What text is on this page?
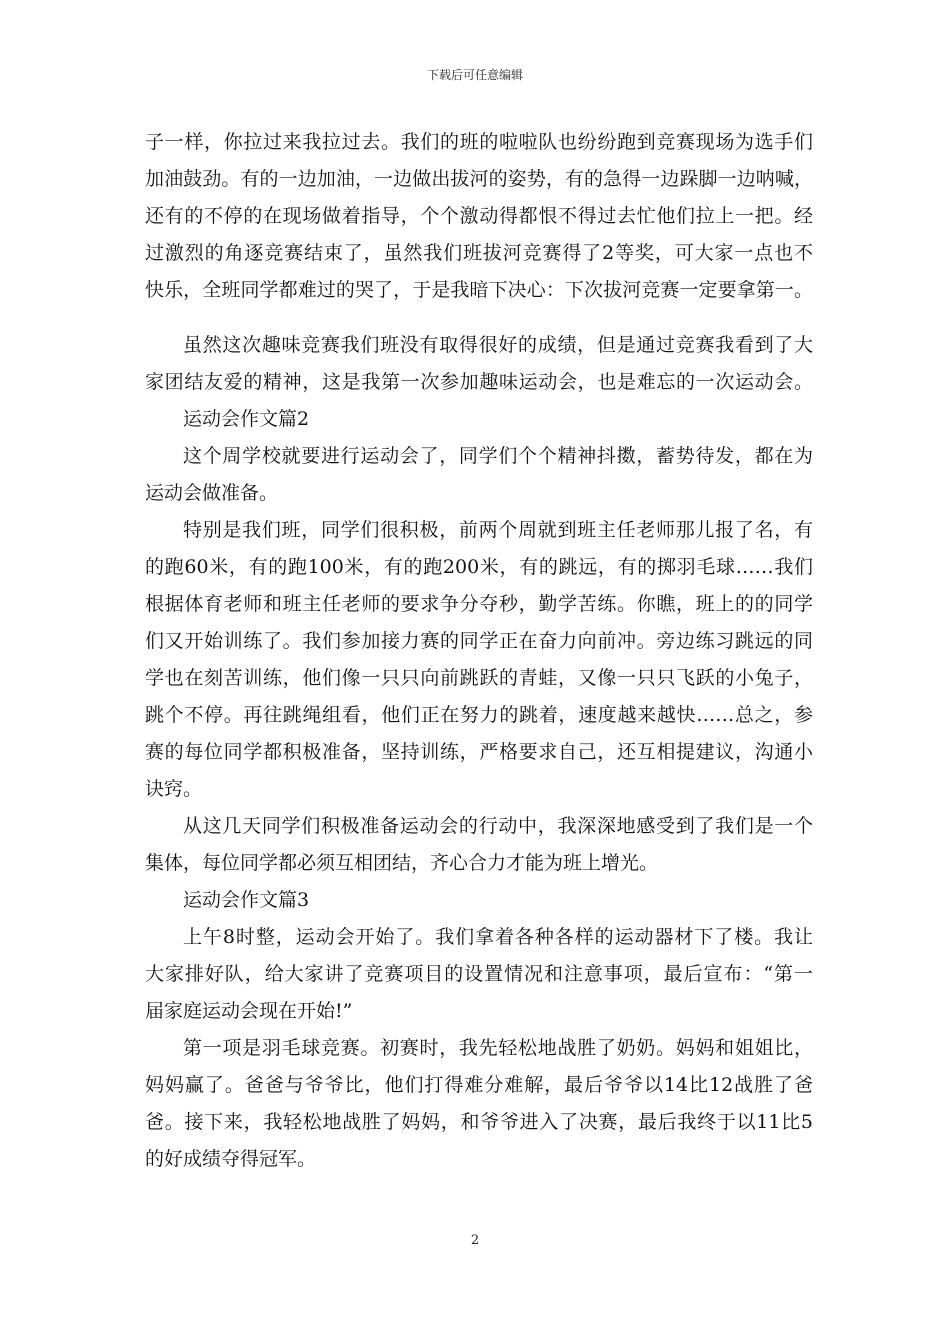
下载后可任意编辑
子一样，你拉过来我拉过去。我们的班的啦啦队也纷纷跑到竞赛现场为选手们
加油鼓劲。有的一边加油，一边做出拔河的姿势，有的急得一边跺脚一边呐喊，
还有的不停的在现场做着指导，个个激动得都恨不得过去忙他们拉上一把。经
过激烈的角逐竞赛结束了，虽然我们班拔河竞赛得了2等奖，可大家一点也不
快乐，全班同学都难过的哭了，于是我暗下决心：下次拔河竞赛一定要拿第一。
虽然这次趣味竞赛我们班没有取得很好的成绩，但是通过竞赛我看到了大
家团结友爱的精神，这是我第一次参加趣味运动会，也是难忘的一次运动会。
运动会作文篇2
这个周学校就要进行运动会了，同学们个个精神抖擞，蓄势待发，都在为
运动会做准备。
特别是我们班，同学们很积极，前两个周就到班主任老师那儿报了名，有
的跑60米，有的跑100米，有的跑200米，有的跳远，有的掷羽毛球……我们
根据体育老师和班主任老师的要求争分夺秒，勤学苦练。你瞧，班上的的同学
们又开始训练了。我们参加接力赛的同学正在奋力向前冲。旁边练习跳远的同
学也在刻苦训练，他们像一只只向前跳跃的青蛙，又像一只只飞跃的小兔子，
跳个不停。再往跳绳组看，他们正在努力的跳着，速度越来越快……总之，参
赛的每位同学都积极准备，坚持训练，严格要求自己，还互相提建议，沟通小
诀窍。
从这几天同学们积极准备运动会的行动中，我深深地感受到了我们是一个
集体，每位同学都必须互相团结，齐心合力才能为班上增光。
运动会作文篇3
上午8时整，运动会开始了。我们拿着各种各样的运动器材下了楼。我让
大家排好队，给大家讲了竞赛项目的设置情况和注意事项，最后宣布：“第一
届家庭运动会现在开始!”
第一项是羽毛球竞赛。初赛时，我先轻松地战胜了奶奶。妈妈和姐姐比，
妈妈赢了。爸爸与爷爷比，他们打得难分难解，最后爷爷以14比12战胜了爸
爸。接下来，我轻松地战胜了妈妈，和爷爷进入了决赛，最后我终于以11比5
的好成绩夺得冠军。
2
